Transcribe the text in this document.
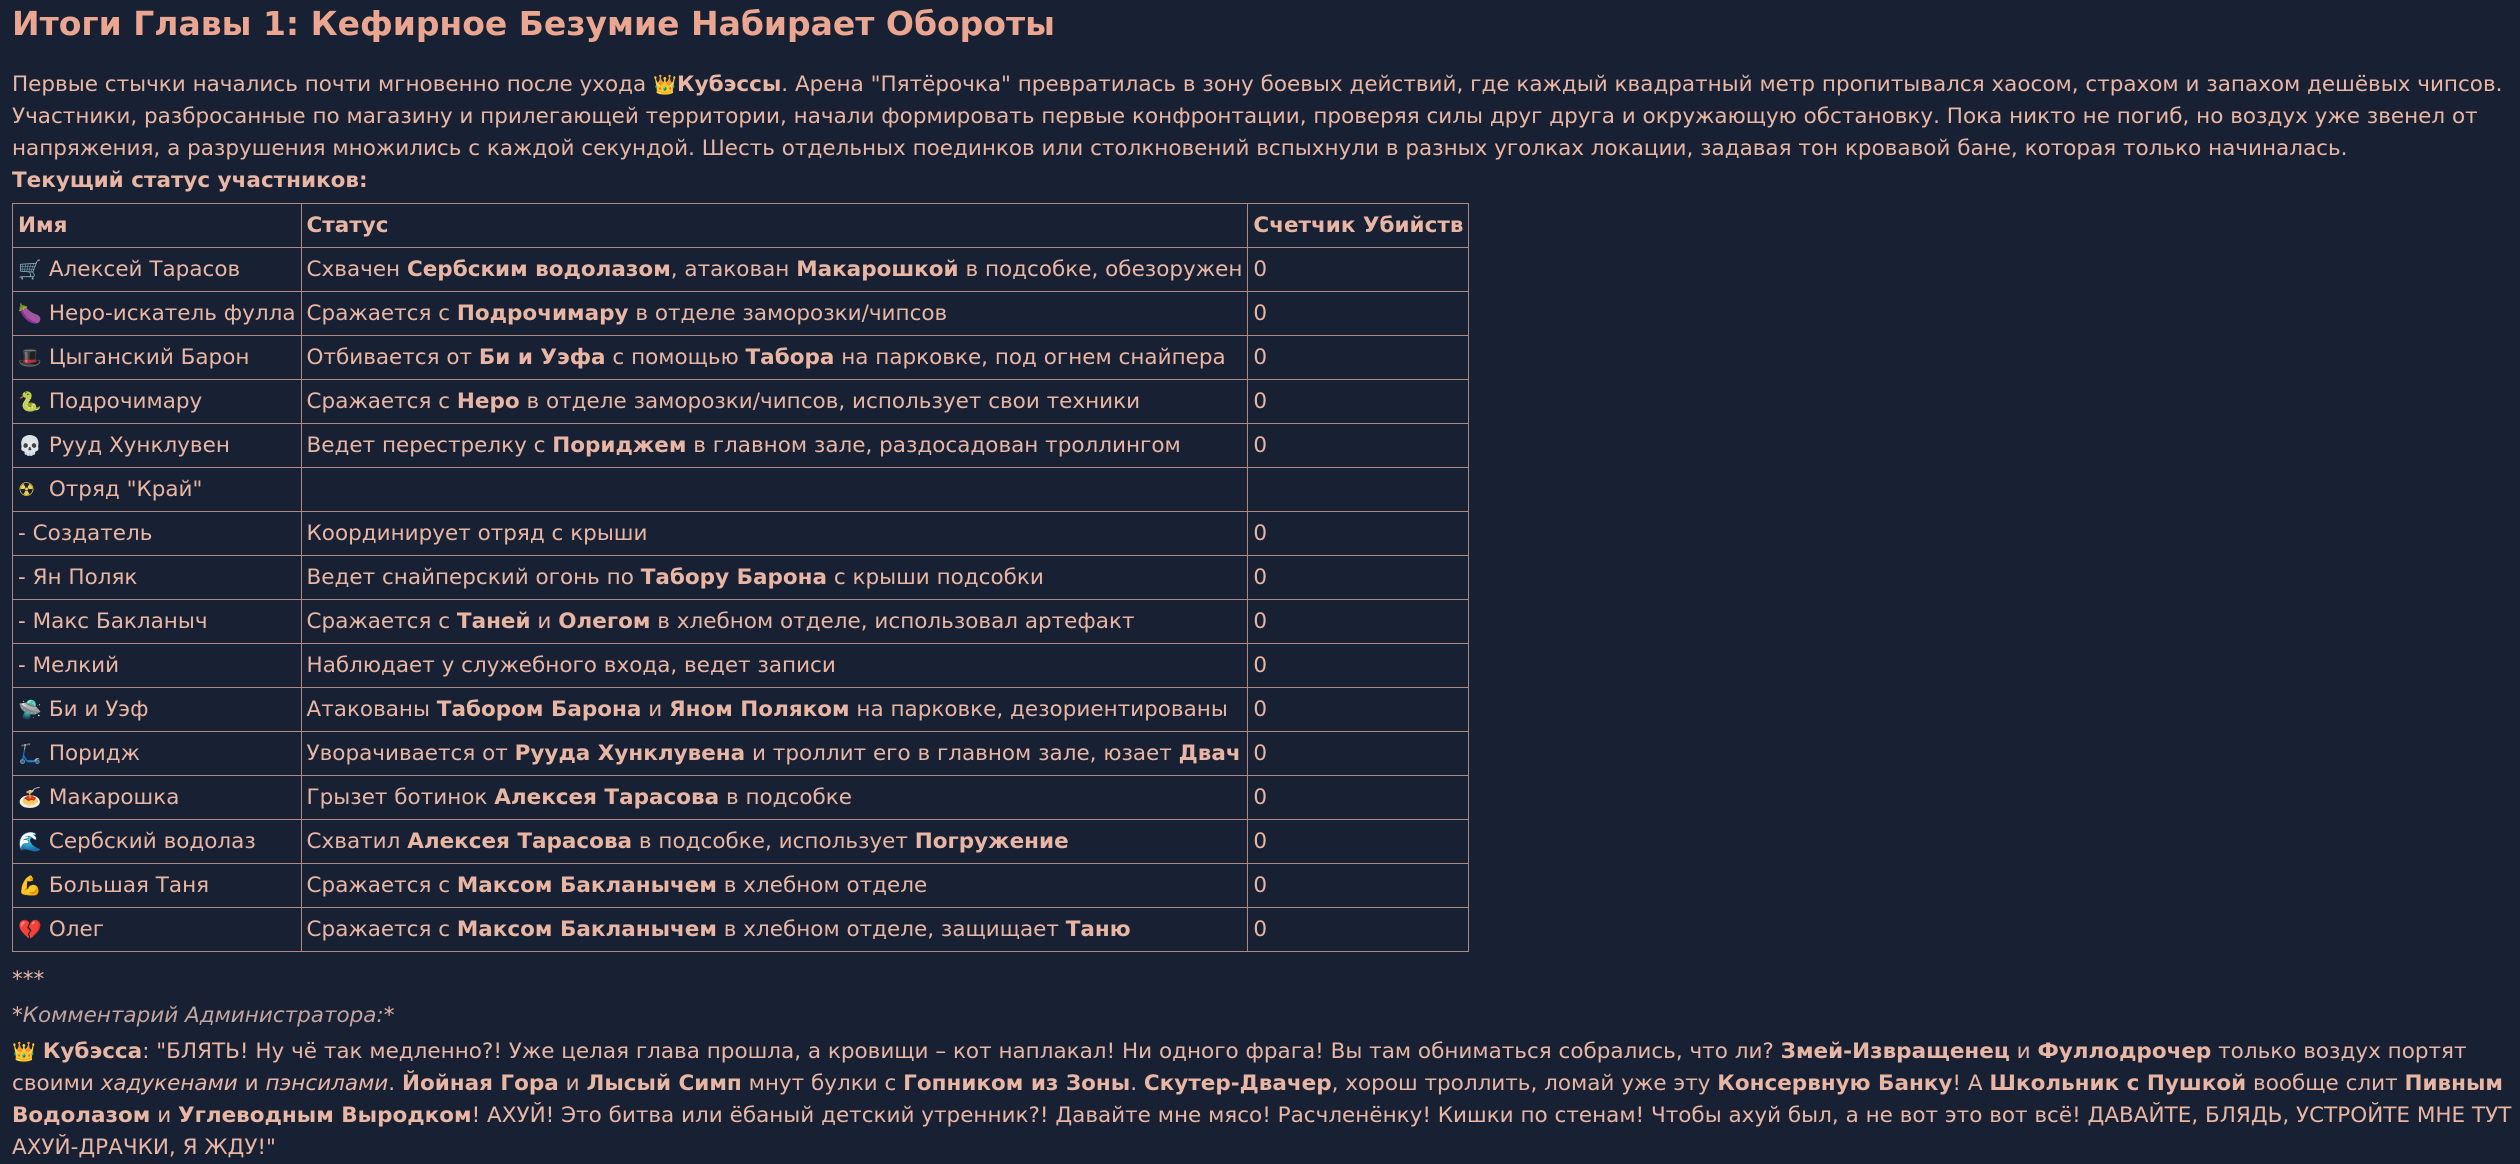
Итоги Главы 1: Кефирное Безумие Набирает Обороты

Первые стычки начались почти мгновенно после ухода 👑Кубэссы. Арена "Пятёрочка" превратилась в зону боевых действий, где каждый квадратный метр пропитывался хаосом, страхом и запахом дешёвых чипсов. Участники, разбросанные по магазину и прилегающей территории, начали формировать первые конфронтации, проверяя силы друг друга и окружающую обстановку. Пока никто не погиб, но воздух уже звенел от напряжения, а разрушения множились с каждой секундой. Шесть отдельных поединков или столкновений вспыхнули в разных уголках локации, задавая тон кровавой бане, которая только начиналась.

Текущий статус участников:

Имя	Статус	Счетчик Убийств
🛒 Алексей Тарасов	Схвачен Сербским водолазом, атакован Макарошкой в подсобке, обезоружен	0
🍆 Неро-искатель фулла	Сражается с Подрочимару в отделе заморозки/чипсов	0
🎩 Цыганский Барон	Отбивается от Би и Уэфа с помощью Табора на парковке, под огнем снайпера	0
🐍 Подрочимару	Сражается с Неро в отделе заморозки/чипсов, использует свои техники	0
💀 Рууд Хунклувен	Ведет перестрелку с Пориджем в главном зале, раздосадован троллингом	0
☢ Отряд "Край"		
- Создатель	Координирует отряд с крыши	0
- Ян Поляк	Ведет снайперский огонь по Табору Барона с крыши подсобки	0
- Макс Бакланыч	Сражается с Таней и Олегом в хлебном отделе, использовал артефакт	0
- Мелкий	Наблюдает у служебного входа, ведет записи	0
🛸 Би и Уэф	Атакованы Табором Барона и Яном Поляком на парковке, дезориентированы	0
🛴 Поридж	Уворачивается от Рууда Хунклувена и троллит его в главном зале, юзает Двач	0
🍝 Макарошка	Грызет ботинок Алексея Тарасова в подсобке	0
🌊 Сербский водолаз	Схватил Алексея Тарасова в подсобке, использует Погружение	0
💪 Большая Таня	Сражается с Максом Бакланычем в хлебном отделе	0
💔 Олег	Сражается с Максом Бакланычем в хлебном отделе, защищает Таню	0
***
*Комментарий Администратора:*
👑 Кубэсса: "БЛЯТЬ! Ну чё так медленно?! Уже целая глава прошла, а кровищи – кот наплакал! Ни одного фрага! Вы там обниматься собрались, что ли? Змей-Извращенец и Фуллодрочер только воздух портят своими хадукенами и пэнсилами. Йойная Гора и Лысый Симп мнут булки с Гопником из Зоны. Скутер-Двачер, хорош троллить, ломай уже эту Консервную Банку! А Школьник с Пушкой вообще слит Пивным Водолазом и Углеводным Выродком! АХУЙ! Это битва или ёбаный детский утренник?! Давайте мне мясо! Расчленёнку! Кишки по стенам! Чтобы ахуй был, а не вот это вот всё! ДАВАЙТЕ, БЛЯДЬ, УСТРОЙТЕ МНЕ ТУТ АХУЙ-ДРАЧКИ, Я ЖДУ!"
